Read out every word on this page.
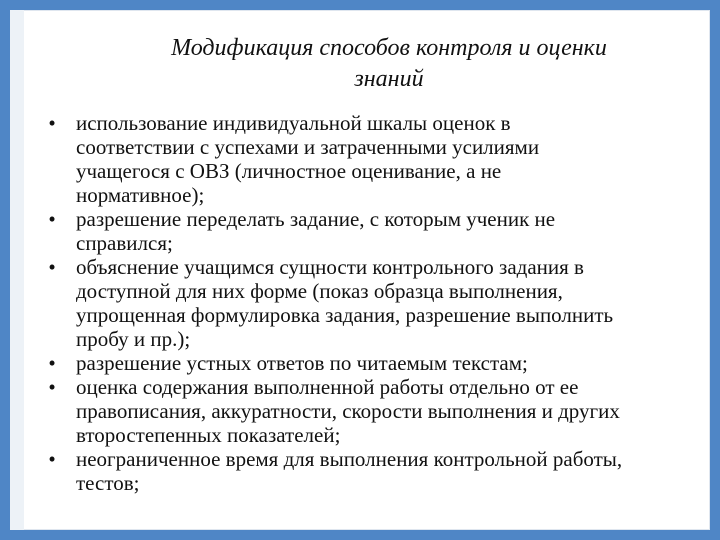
Модификация способов контроля и оценки
знаний
• использование индивидуальной шкалы оценок в
соответствии с успехами и затраченными усилиями
учащегося с ОВЗ (личностное оценивание, а не
нормативное);
• разрешение переделать задание, с которым ученик не
справился;
• объяснение учащимся сущности контрольного задания в
доступной для них форме (показ образца выполнения,
упрощенная формулировка задания, разрешение выполнить
пробу и пр.);
• разрешение устных ответов по читаемым текстам;
• оценка содержания выполненной работы отдельно от ее
правописания, аккуратности, скорости выполнения и других
второстепенных показателей;
• неограниченное время для выполнения контрольной работы,
тестов;
